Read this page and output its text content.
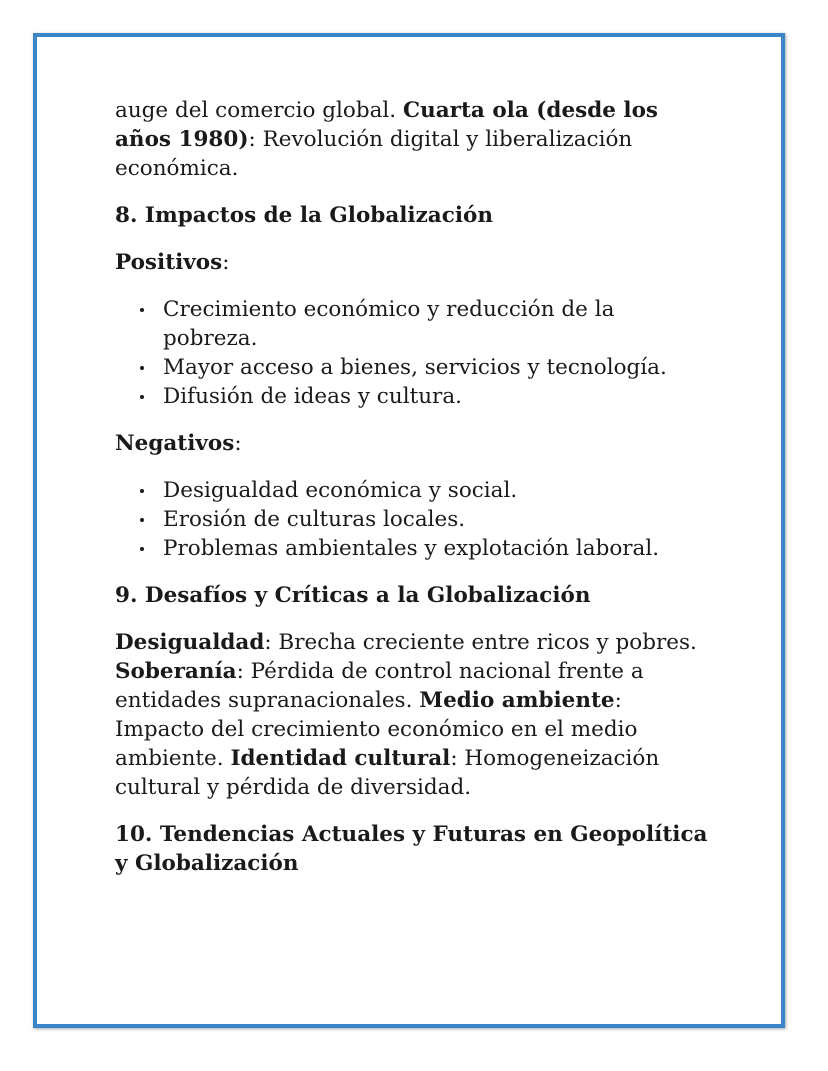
auge del comercio global. Cuarta ola (desde los años 1980): Revolución digital y liberalización económica.

8. Impactos de la Globalización

Positivos:

Crecimiento económico y reducción de la pobreza.
Mayor acceso a bienes, servicios y tecnología.
Difusión de ideas y cultura.

Negativos:

Desigualdad económica y social.
Erosión de culturas locales.
Problemas ambientales y explotación laboral.
9. Desafíos y Críticas a la Globalización

Desigualdad: Brecha creciente entre ricos y pobres. Soberanía: Pérdida de control nacional frente a entidades supranacionales. Medio ambiente: Impacto del crecimiento económico en el medio ambiente. Identidad cultural: Homogeneización cultural y pérdida de diversidad.

10. Tendencias Actuales y Futuras en Geopolítica y Globalización
